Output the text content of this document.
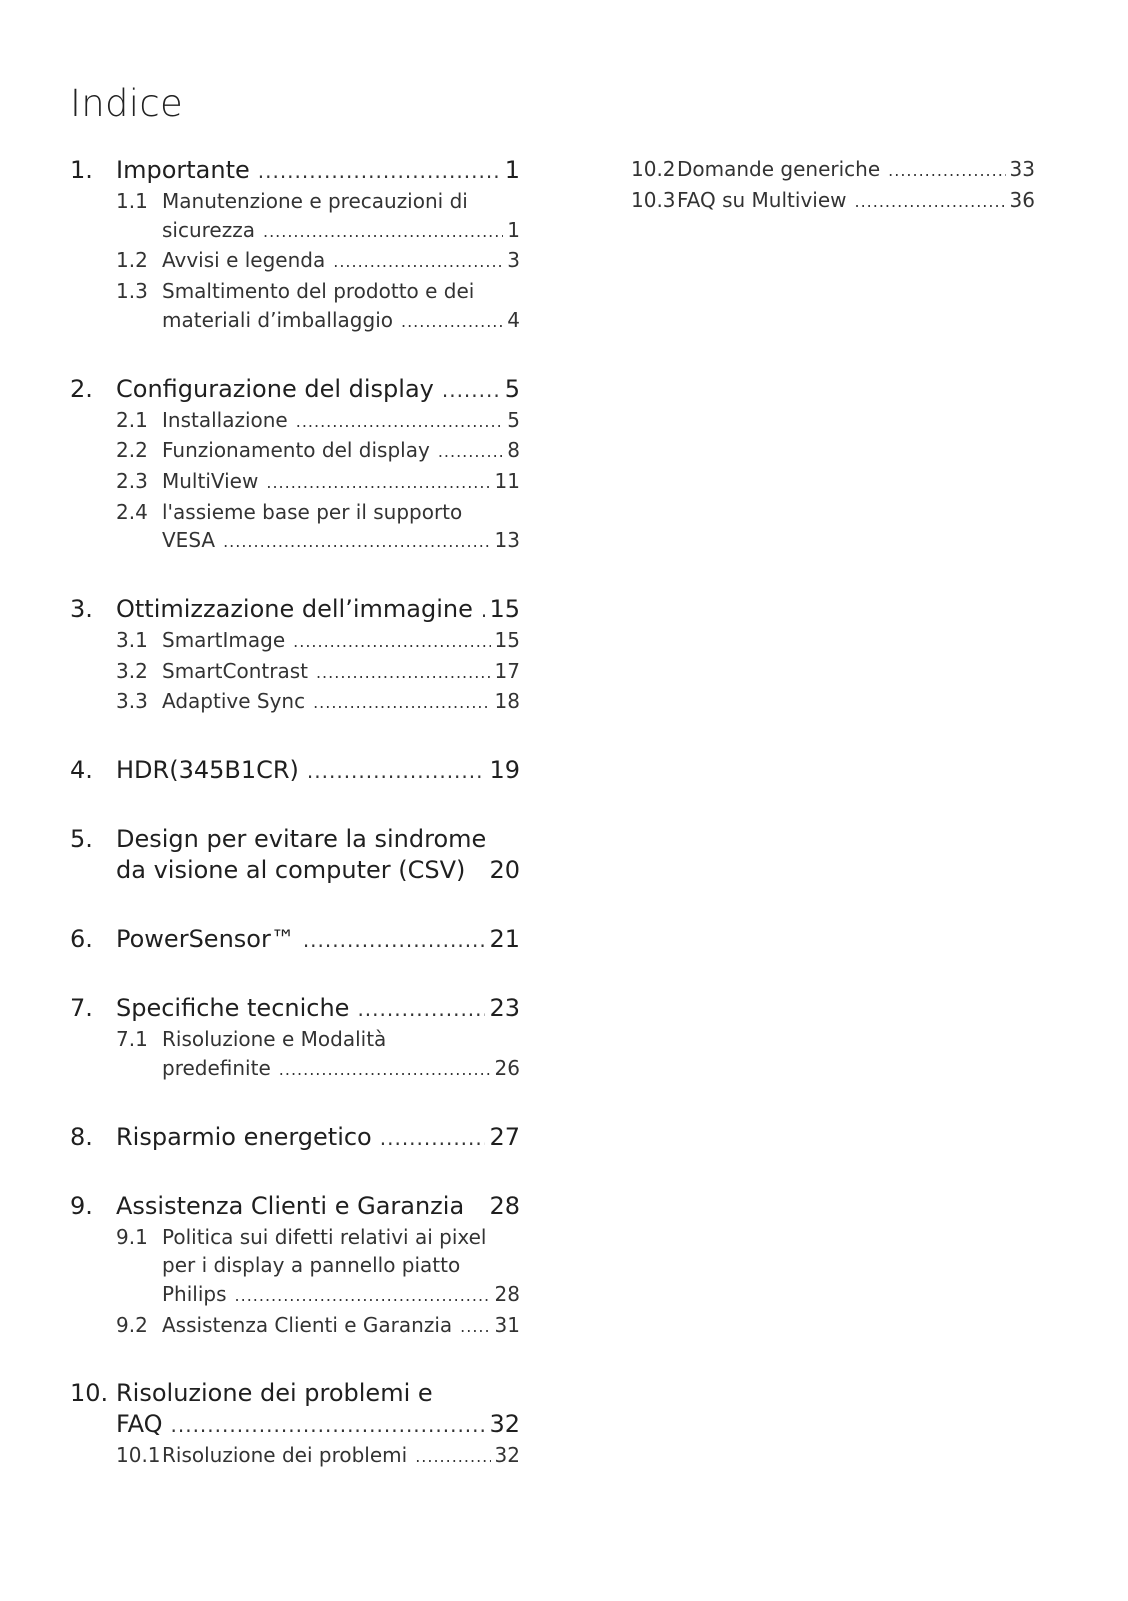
Indice
1. Importante .....	1
1.1 Manutenzione e precauzioni di
sicurezza .....	1
1.2 Avvisi e legenda .....	3
1.3 Smaltimento del prodotto e dei
materiali d’imballaggio .....	4
2. Configurazione del display .....	5
2.1 Installazione .....	5
2.2 Funzionamento del display .....	8
2.3 MultiView .....	11
2.4 l'assieme base per il supporto
VESA .....	13
3. Ottimizzazione dell’immagine ..... 15
3.1 SmartImage .....	15
3.2 SmartContrast .....	17
3.3 Adaptive Sync .....	18
4. HDR(345B1CR) .....	19
5. Design per evitare la sindrome
da visione al computer (CSV) 20
6. PowerSensor™ .....	21
7. Specifiche tecniche .....	23
7.1 Risoluzione e Modalità
predefinite .....	26
8. Risparmio energetico .....	27
9. Assistenza Clienti e Garanzia 28
9.1 Politica sui difetti relativi ai pixel
per i display a pannello piatto
Philips .....	28
9.2 Assistenza Clienti e Garanzia ..... 31
10. Risoluzione dei problemi e
FAQ .....	32
10.1 Risoluzione dei problemi .....	32
10.2 Domande generiche .....	33
10.3 FAQ su Multiview .....	36
